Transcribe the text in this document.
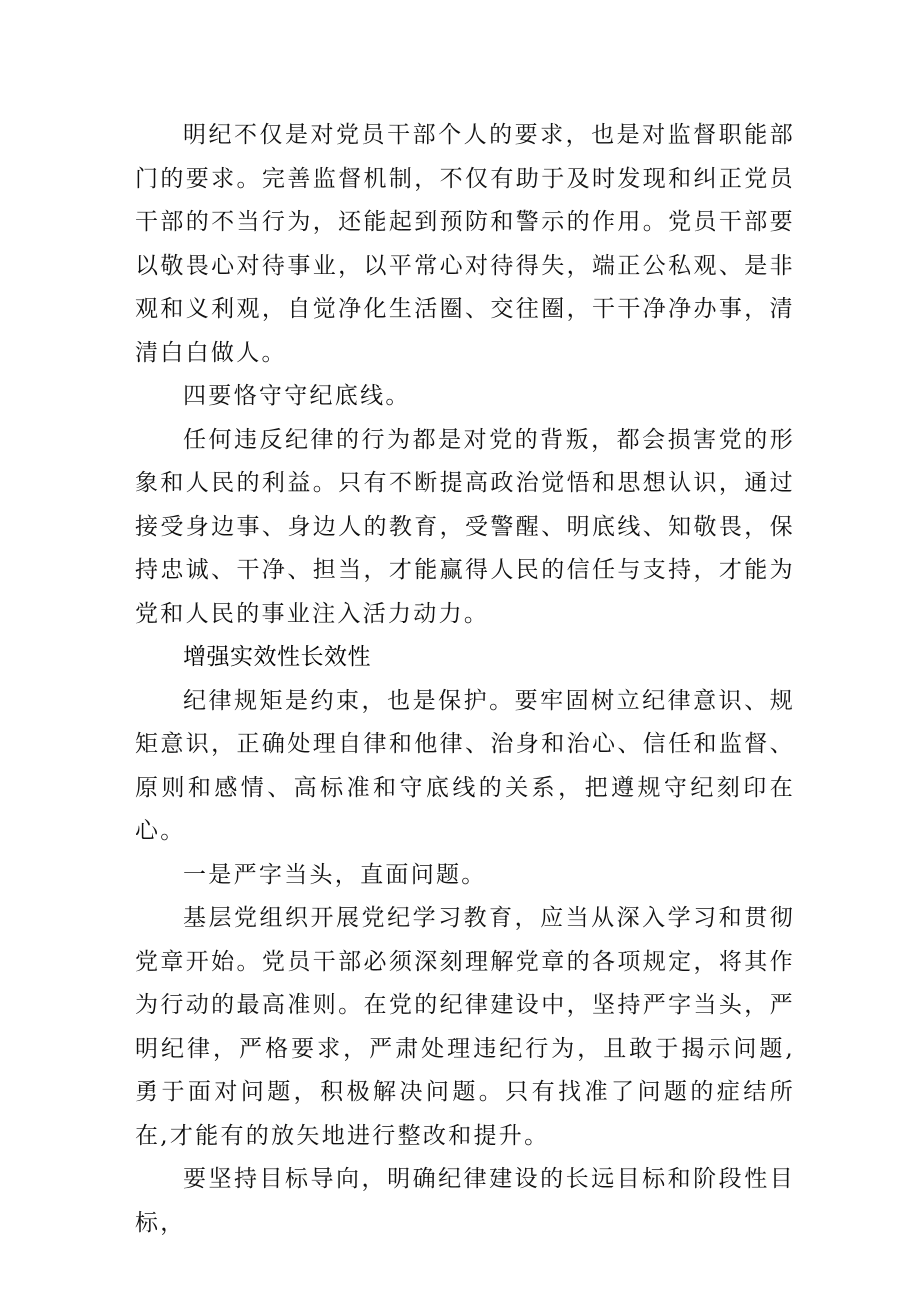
明纪不仅是对党员干部个人的要求，也是对监督职能部门的要求。完善监督机制，不仅有助于及时发现和纠正党员干部的不当行为，还能起到预防和警示的作用。党员干部要以敬畏心对待事业，以平常心对待得失，端正公私观、是非观和义利观，自觉净化生活圈、交往圈，干干净净办事，清清白白做人。

四要恪守守纪底线。

任何违反纪律的行为都是对党的背叛，都会损害党的形象和人民的利益。只有不断提高政治觉悟和思想认识，通过接受身边事、身边人的教育，受警醒、明底线、知敬畏，保持忠诚、干净、担当，才能赢得人民的信任与支持，才能为党和人民的事业注入活力动力。

增强实效性长效性

纪律规矩是约束，也是保护。要牢固树立纪律意识、规矩意识，正确处理自律和他律、治身和治心、信任和监督、原则和感情、高标准和守底线的关系，把遵规守纪刻印在心。

一是严字当头，直面问题。

基层党组织开展党纪学习教育，应当从深入学习和贯彻党章开始。党员干部必须深刻理解党章的各项规定，将其作为行动的最高准则。在党的纪律建设中，坚持严字当头，严明纪律，严格要求，严肃处理违纪行为，且敢于揭示问题,勇于面对问题，积极解决问题。只有找准了问题的症结所在,才能有的放矢地进行整改和提升。

要坚持目标导向，明确纪律建设的长远目标和阶段性目标，
